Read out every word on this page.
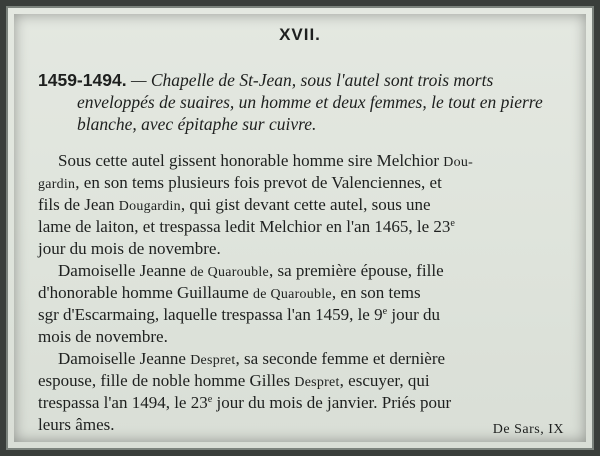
XVII.
1459-1494. — Chapelle de St-Jean, sous l'autel sont trois morts
enveloppés de suaires, un homme et deux femmes, le tout en pierre
blanche, avec épitaphe sur cuivre.
Sous cette autel gissent honorable homme sire Melchior Dou-
gardin, en son tems plusieurs fois prevot de Valenciennes, et
fils de Jean Dougardin, qui gist devant cette autel, sous une
lame de laiton, et trespassa ledit Melchior en l'an 1465, le 23e
jour du mois de novembre.
Damoiselle Jeanne de Quarouble, sa première épouse, fille
d'honorable homme Guillaume de Quarouble, en son tems
sgr d'Escarmaing, laquelle trespassa l'an 1459, le 9e jour du
mois de novembre.
Damoiselle Jeanne Despret, sa seconde femme et dernière
espouse, fille de noble homme Gilles Despret, escuyer, qui
trespassa l'an 1494, le 23e jour du mois de janvier. Priés pour
leurs âmes.	De Sars, IX
